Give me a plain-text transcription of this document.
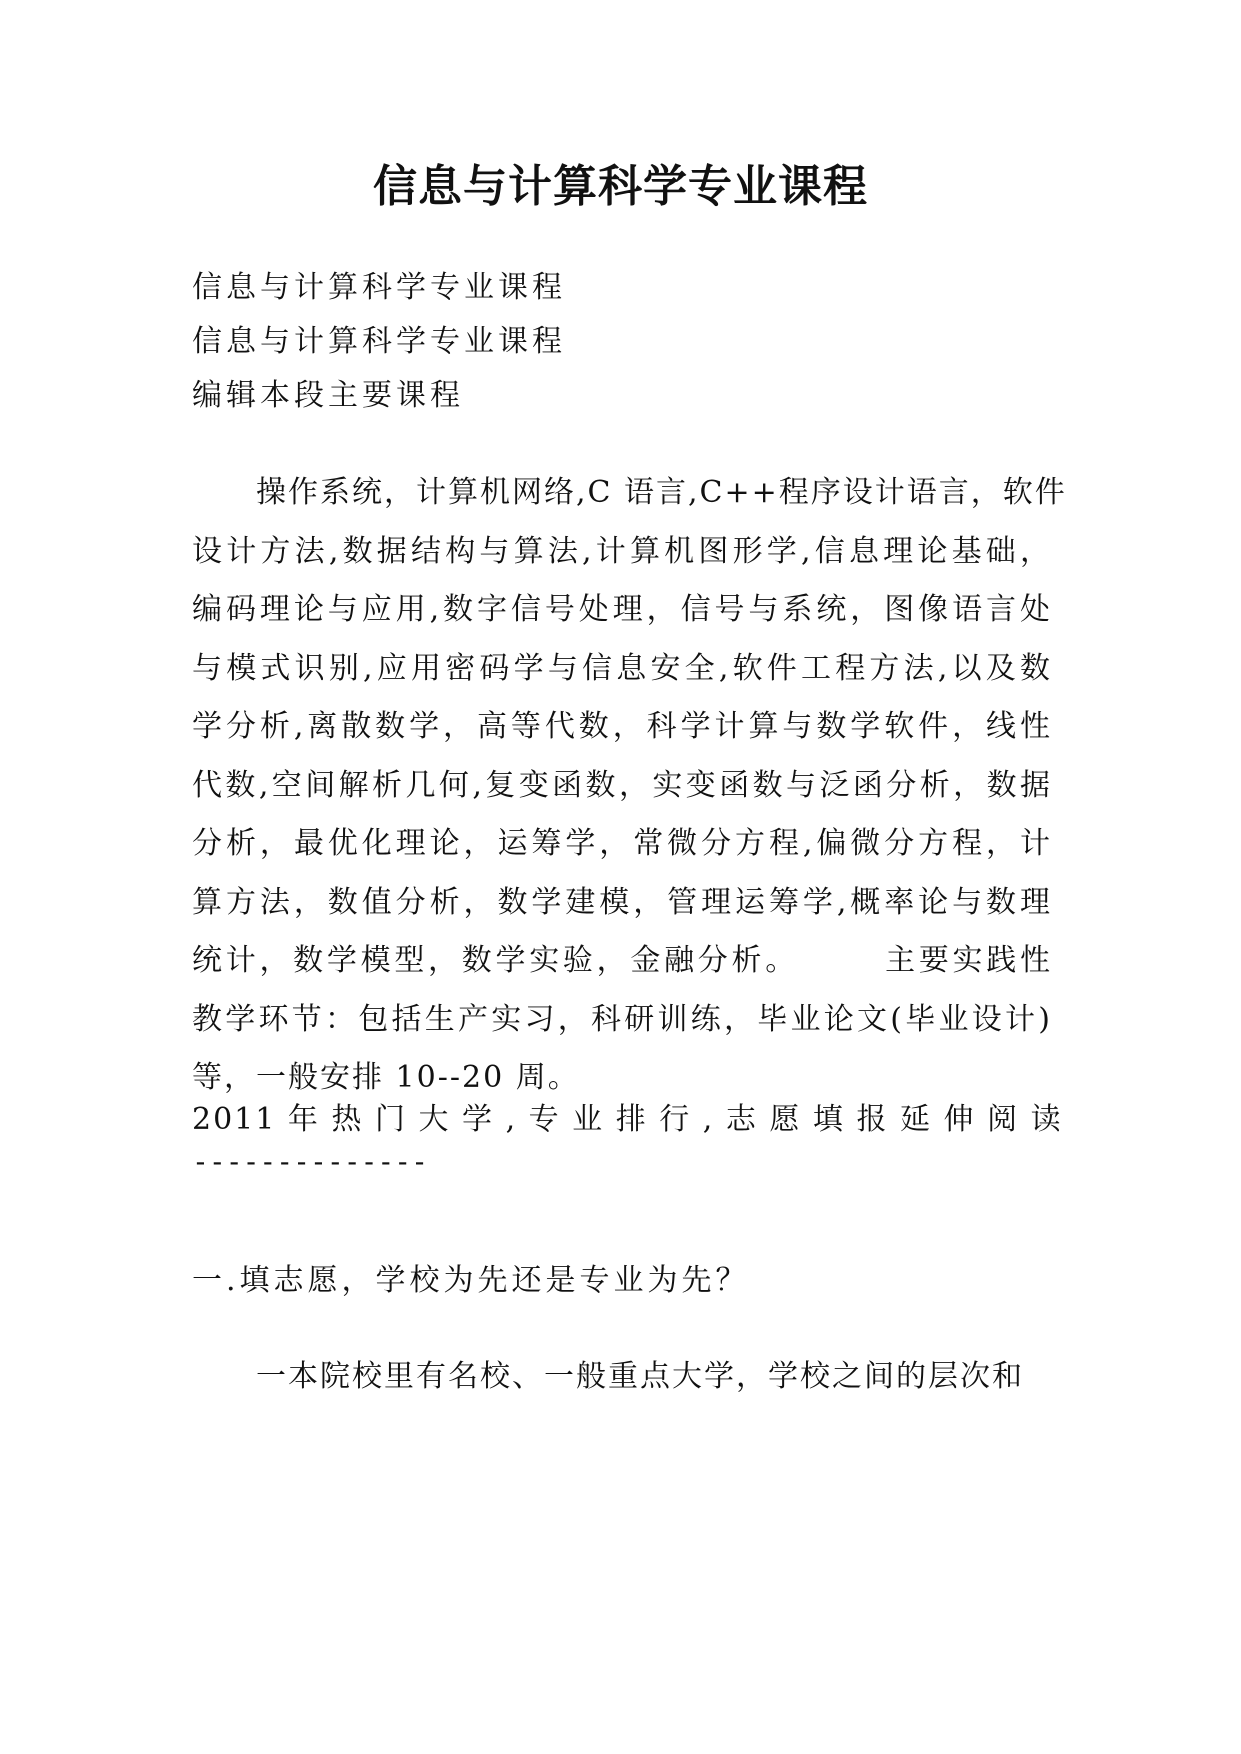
信息与计算科学专业课程

信息与计算科学专业课程

信息与计算科学专业课程

编辑本段主要课程

操作系统，计算机网络,C 语言,C++程序设计语言，软件
设计方法,数据结构与算法,计算机图形学,信息理论基础，
编码理论与应用,数字信号处理，信号与系统，图像语言处
与模式识别,应用密码学与信息安全,软件工程方法,以及数
学分析,离散数学，高等代数，科学计算与数学软件，线性
代数,空间解析几何,复变函数，实变函数与泛函分析，数据
分析，最优化理论，运筹学，常微分方程,偏微分方程，计
算方法，数值分析，数学建模，管理运筹学,概率论与数理
统计，数学模型，数学实验，金融分析。　　　主要实践性
教学环节：包括生产实习，科研训练，毕业论文(毕业设计)
等，一般安排 10--20 周。
2011 年 热 门 大 学 , 专 业 排 行 , 志 愿 填 报 延 伸 阅 读

--------------

一.填志愿，学校为先还是专业为先？

一本院校里有名校、一般重点大学，学校之间的层次和
